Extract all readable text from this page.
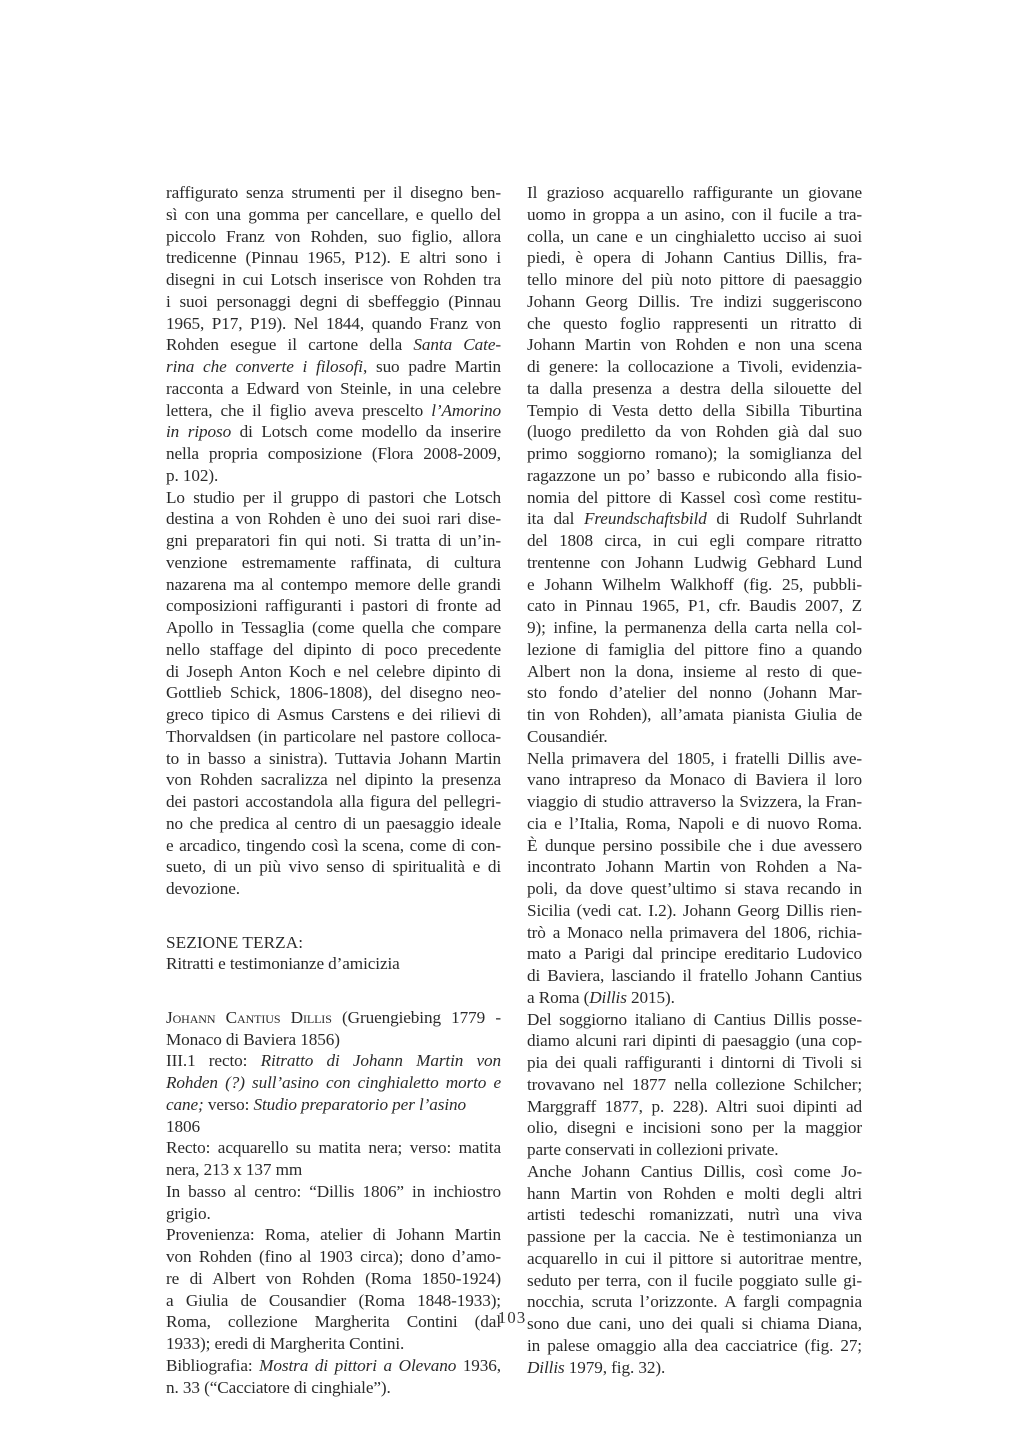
raffigurato senza strumenti per il disegno ben-
sì con una gomma per cancellare, e quello del
piccolo Franz von Rohden, suo figlio, allora
tredicenne (Pinnau 1965, P12). E altri sono i
disegni in cui Lotsch inserisce von Rohden tra
i suoi personaggi degni di sbeffeggio (Pinnau
1965, P17, P19). Nel 1844, quando Franz von
Rohden esegue il cartone della Santa Cate-
rina che converte i filosofi, suo padre Martin
racconta a Edward von Steinle, in una celebre
lettera, che il figlio aveva prescelto l’Amorino
in riposo di Lotsch come modello da inserire
nella propria composizione (Flora 2008-2009,
p. 102).
Lo studio per il gruppo di pastori che Lotsch
destina a von Rohden è uno dei suoi rari dise-
gni preparatori fin qui noti. Si tratta di un’in-
venzione estremamente raffinata, di cultura
nazarena ma al contempo memore delle grandi
composizioni raffiguranti i pastori di fronte ad
Apollo in Tessaglia (come quella che compare
nello staffage del dipinto di poco precedente
di Joseph Anton Koch e nel celebre dipinto di
Gottlieb Schick, 1806-1808), del disegno neo-
greco tipico di Asmus Carstens e dei rilievi di
Thorvaldsen (in particolare nel pastore colloca-
to in basso a sinistra). Tuttavia Johann Martin
von Rohden sacralizza nel dipinto la presenza
dei pastori accostandola alla figura del pellegri-
no che predica al centro di un paesaggio ideale
e arcadico, tingendo così la scena, come di con-
sueto, di un più vivo senso di spiritualità e di
devozione.
SEZIONE TERZA:
Ritratti e testimonianze d’amicizia
Johann Cantius Dillis (Gruengiebing 1779 -
Monaco di Baviera 1856)
III.1 recto: Ritratto di Johann Martin von
Rohden (?) sull’asino con cinghialetto morto e
cane; verso: Studio preparatorio per l’asino
1806
Recto: acquarello su matita nera; verso: matita
nera, 213 x 137 mm
In basso al centro: “Dillis 1806” in inchiostro
grigio.
Provenienza: Roma, atelier di Johann Martin
von Rohden (fino al 1903 circa); dono d’amo-
re di Albert von Rohden (Roma 1850-1924)
a Giulia de Cousandier (Roma 1848-1933);
Roma, collezione Margherita Contini (dal
1933); eredi di Margherita Contini.
Bibliografia: Mostra di pittori a Olevano 1936,
n. 33 (“Cacciatore di cinghiale”).
Il grazioso acquarello raffigurante un giovane
uomo in groppa a un asino, con il fucile a tra-
colla, un cane e un cinghialetto ucciso ai suoi
piedi, è opera di Johann Cantius Dillis, fra-
tello minore del più noto pittore di paesaggio
Johann Georg Dillis. Tre indizi suggeriscono
che questo foglio rappresenti un ritratto di
Johann Martin von Rohden e non una scena
di genere: la collocazione a Tivoli, evidenzia-
ta dalla presenza a destra della silouette del
Tempio di Vesta detto della Sibilla Tiburtina
(luogo prediletto da von Rohden già dal suo
primo soggiorno romano); la somiglianza del
ragazzone un po’ basso e rubicondo alla fisio-
nomia del pittore di Kassel così come restitu-
ita dal Freundschaftsbild di Rudolf Suhrlandt
del 1808 circa, in cui egli compare ritratto
trentenne con Johann Ludwig Gebhard Lund
e Johann Wilhelm Walkhoff (fig. 25, pubbli-
cato in Pinnau 1965, P1, cfr. Baudis 2007, Z
9); infine, la permanenza della carta nella col-
lezione di famiglia del pittore fino a quando
Albert non la dona, insieme al resto di que-
sto fondo d’atelier del nonno (Johann Mar-
tin von Rohden), all’amata pianista Giulia de
Cousandiér.
Nella primavera del 1805, i fratelli Dillis ave-
vano intrapreso da Monaco di Baviera il loro
viaggio di studio attraverso la Svizzera, la Fran-
cia e l’Italia, Roma, Napoli e di nuovo Roma.
È dunque persino possibile che i due avessero
incontrato Johann Martin von Rohden a Na-
poli, da dove quest’ultimo si stava recando in
Sicilia (vedi cat. I.2). Johann Georg Dillis rien-
trò a Monaco nella primavera del 1806, richia-
mato a Parigi dal principe ereditario Ludovico
di Baviera, lasciando il fratello Johann Cantius
a Roma (Dillis 2015).
Del soggiorno italiano di Cantius Dillis posse-
diamo alcuni rari dipinti di paesaggio (una cop-
pia dei quali raffiguranti i dintorni di Tivoli si
trovavano nel 1877 nella collezione Schilcher;
Marggraff 1877, p. 228). Altri suoi dipinti ad
olio, disegni e incisioni sono per la maggior
parte conservati in collezioni private.
Anche Johann Cantius Dillis, così come Jo-
hann Martin von Rohden e molti degli altri
artisti tedeschi romanizzati, nutrì una viva
passione per la caccia. Ne è testimonianza un
acquarello in cui il pittore si autoritrae mentre,
seduto per terra, con il fucile poggiato sulle gi-
nocchia, scruta l’orizzonte. A fargli compagnia
sono due cani, uno dei quali si chiama Diana,
in palese omaggio alla dea cacciatrice (fig. 27;
Dillis 1979, fig. 32).
103
